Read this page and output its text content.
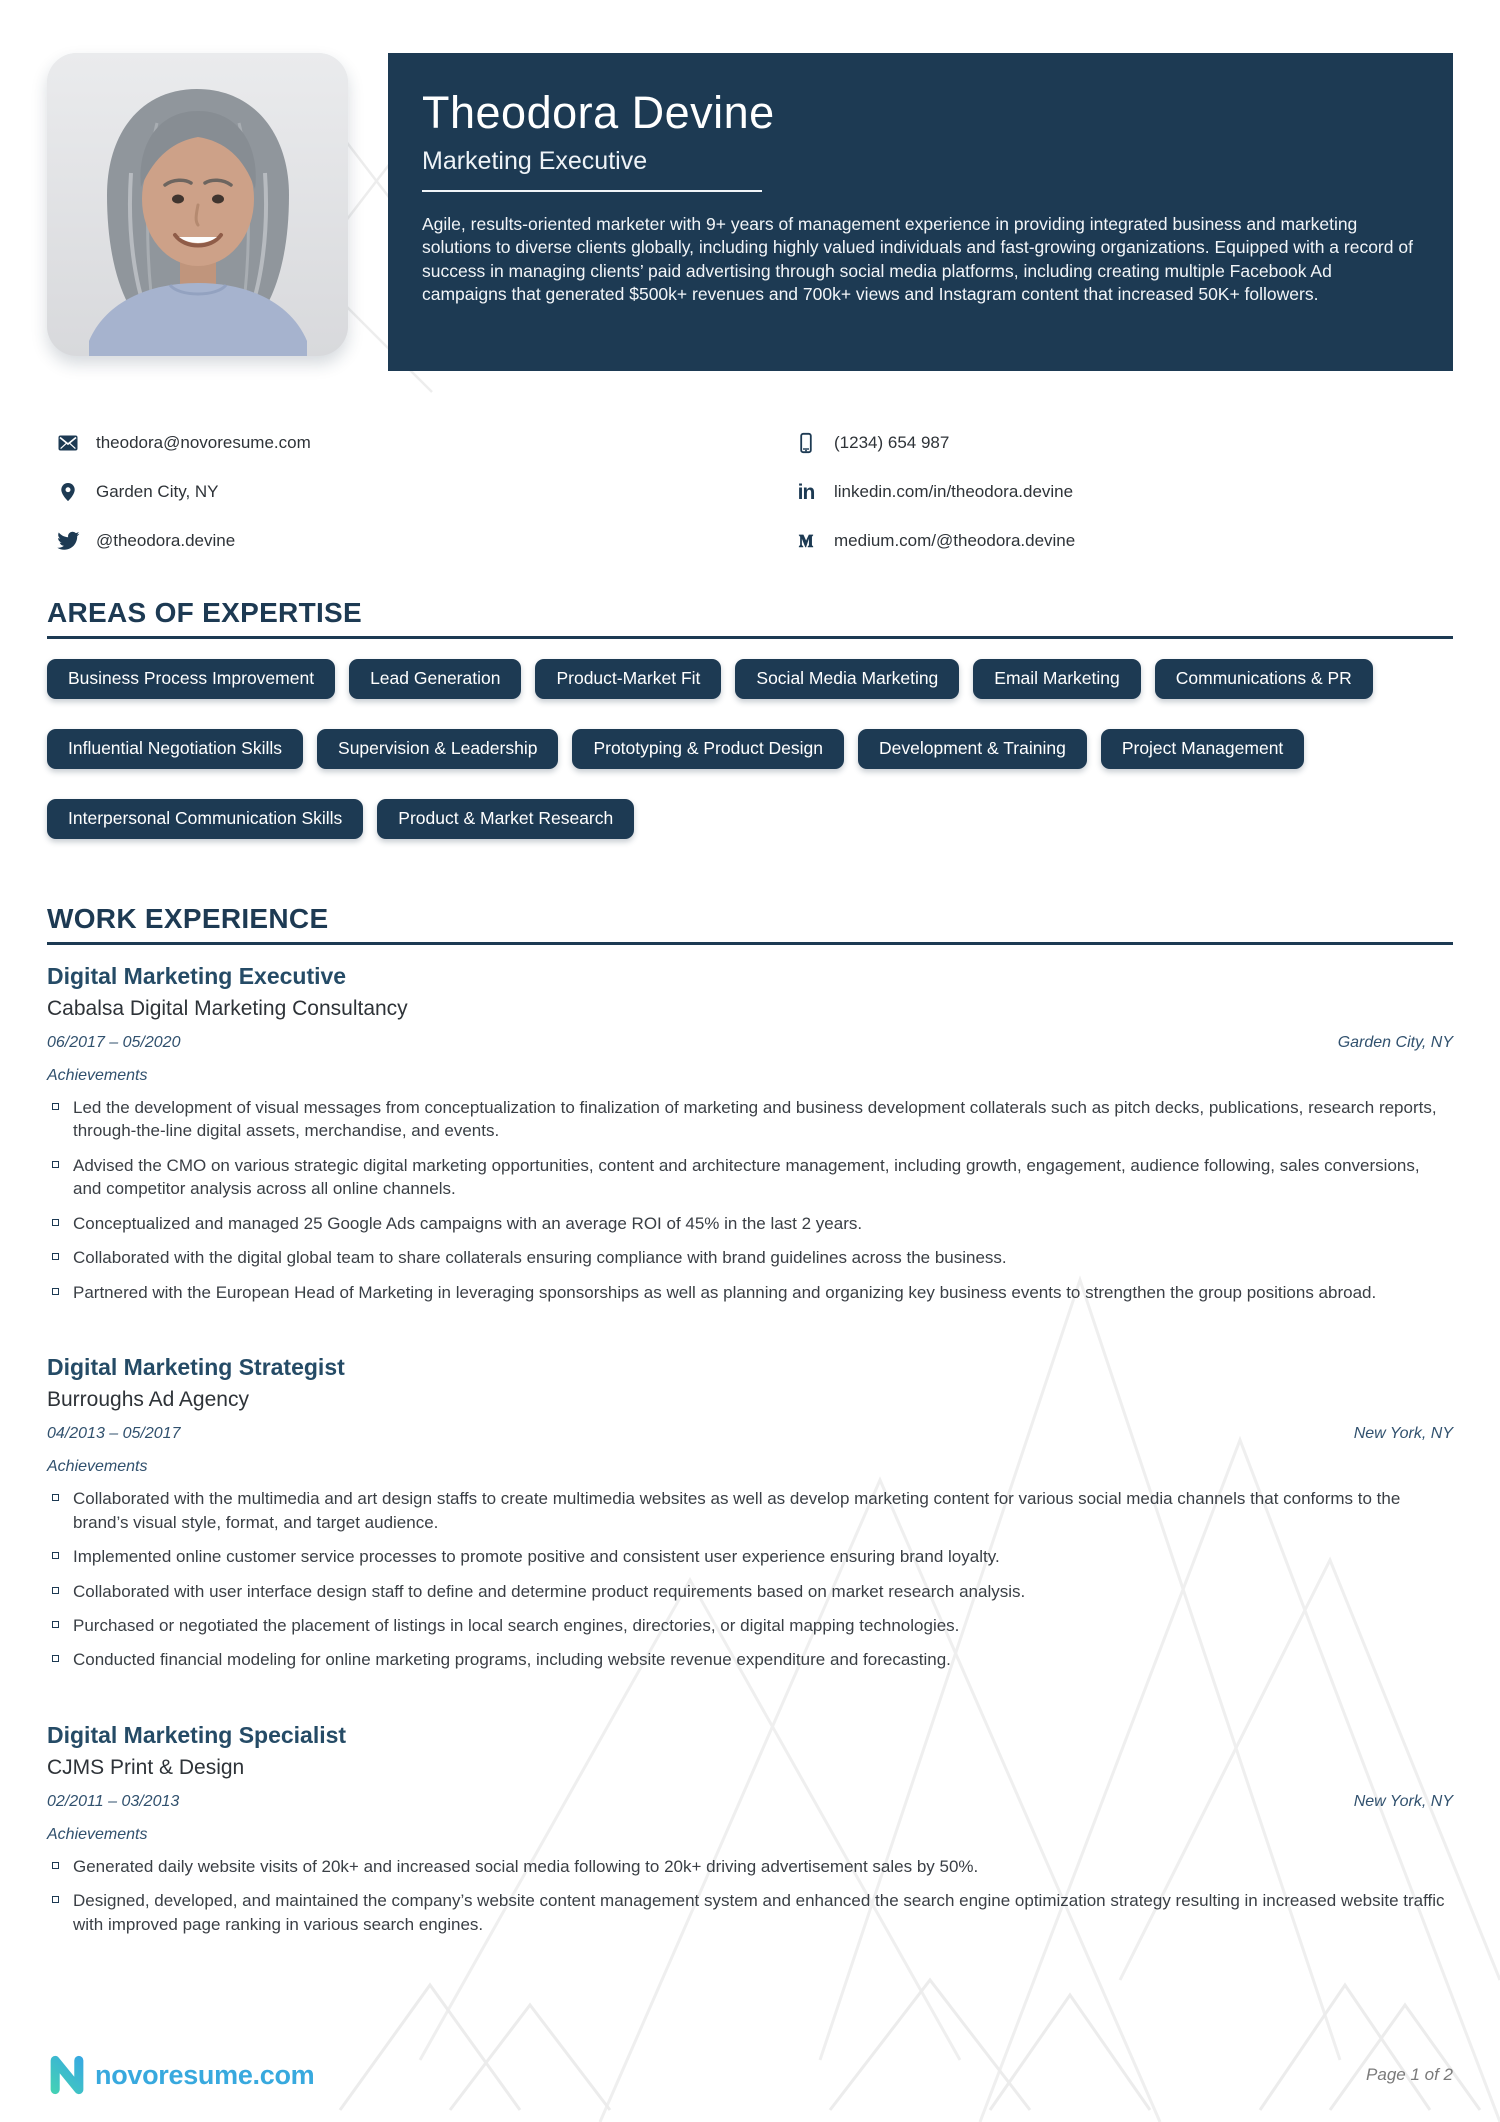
Theodora Devine
Marketing Executive
Agile, results-oriented marketer with 9+ years of management experience in providing integrated business and marketing solutions to diverse clients globally, including highly valued individuals and fast-growing organizations. Equipped with a record of success in managing clients’ paid advertising through social media platforms, including creating multiple Facebook Ad campaigns that generated $500k+ revenues and 700k+ views and Instagram content that increased 50K+ followers.
theodora@novoresume.com	(1234) 654 987
Garden City, NY	in linkedin.com/in/theodora.devine
@theodora.devine	medium.com/@theodora.devine
AREAS OF EXPERTISE
Business Process Improvement	Lead Generation	Product-Market Fit	Social Media Marketing	Email Marketing	Communications & PR
Influential Negotiation Skills	Supervision & Leadership	Prototyping & Product Design	Development & Training	Project Management
Interpersonal Communication Skills	Product & Market Research
WORK EXPERIENCE
Digital Marketing Executive
Cabalsa Digital Marketing Consultancy
06/2017 – 05/2020	Garden City, NY
Achievements
Led the development of visual messages from conceptualization to finalization of marketing and business development collaterals such as pitch decks, publications, research reports, through-the-line digital assets, merchandise, and events.
Advised the CMO on various strategic digital marketing opportunities, content and architecture management, including growth, engagement, audience following, sales conversions, and competitor analysis across all online channels.
Conceptualized and managed 25 Google Ads campaigns with an average ROI of 45% in the last 2 years.
Collaborated with the digital global team to share collaterals ensuring compliance with brand guidelines across the business.
Partnered with the European Head of Marketing in leveraging sponsorships as well as planning and organizing key business events to strengthen the group positions abroad.
Digital Marketing Strategist
Burroughs Ad Agency
04/2013 – 05/2017	New York, NY
Achievements
Collaborated with the multimedia and art design staffs to create multimedia websites as well as develop marketing content for various social media channels that conforms to the brand’s visual style, format, and target audience.
Implemented online customer service processes to promote positive and consistent user experience ensuring brand loyalty.
Collaborated with user interface design staff to define and determine product requirements based on market research analysis.
Purchased or negotiated the placement of listings in local search engines, directories, or digital mapping technologies.
Conducted financial modeling for online marketing programs, including website revenue expenditure and forecasting.
Digital Marketing Specialist
CJMS Print & Design
02/2011 – 03/2013	New York, NY
Achievements
Generated daily website visits of 20k+ and increased social media following to 20k+ driving advertisement sales by 50%.
Designed, developed, and maintained the company’s website content management system and enhanced the search engine optimization strategy resulting in increased website traffic with improved page ranking in various search engines.
novoresume.com	Page 1 of 2
